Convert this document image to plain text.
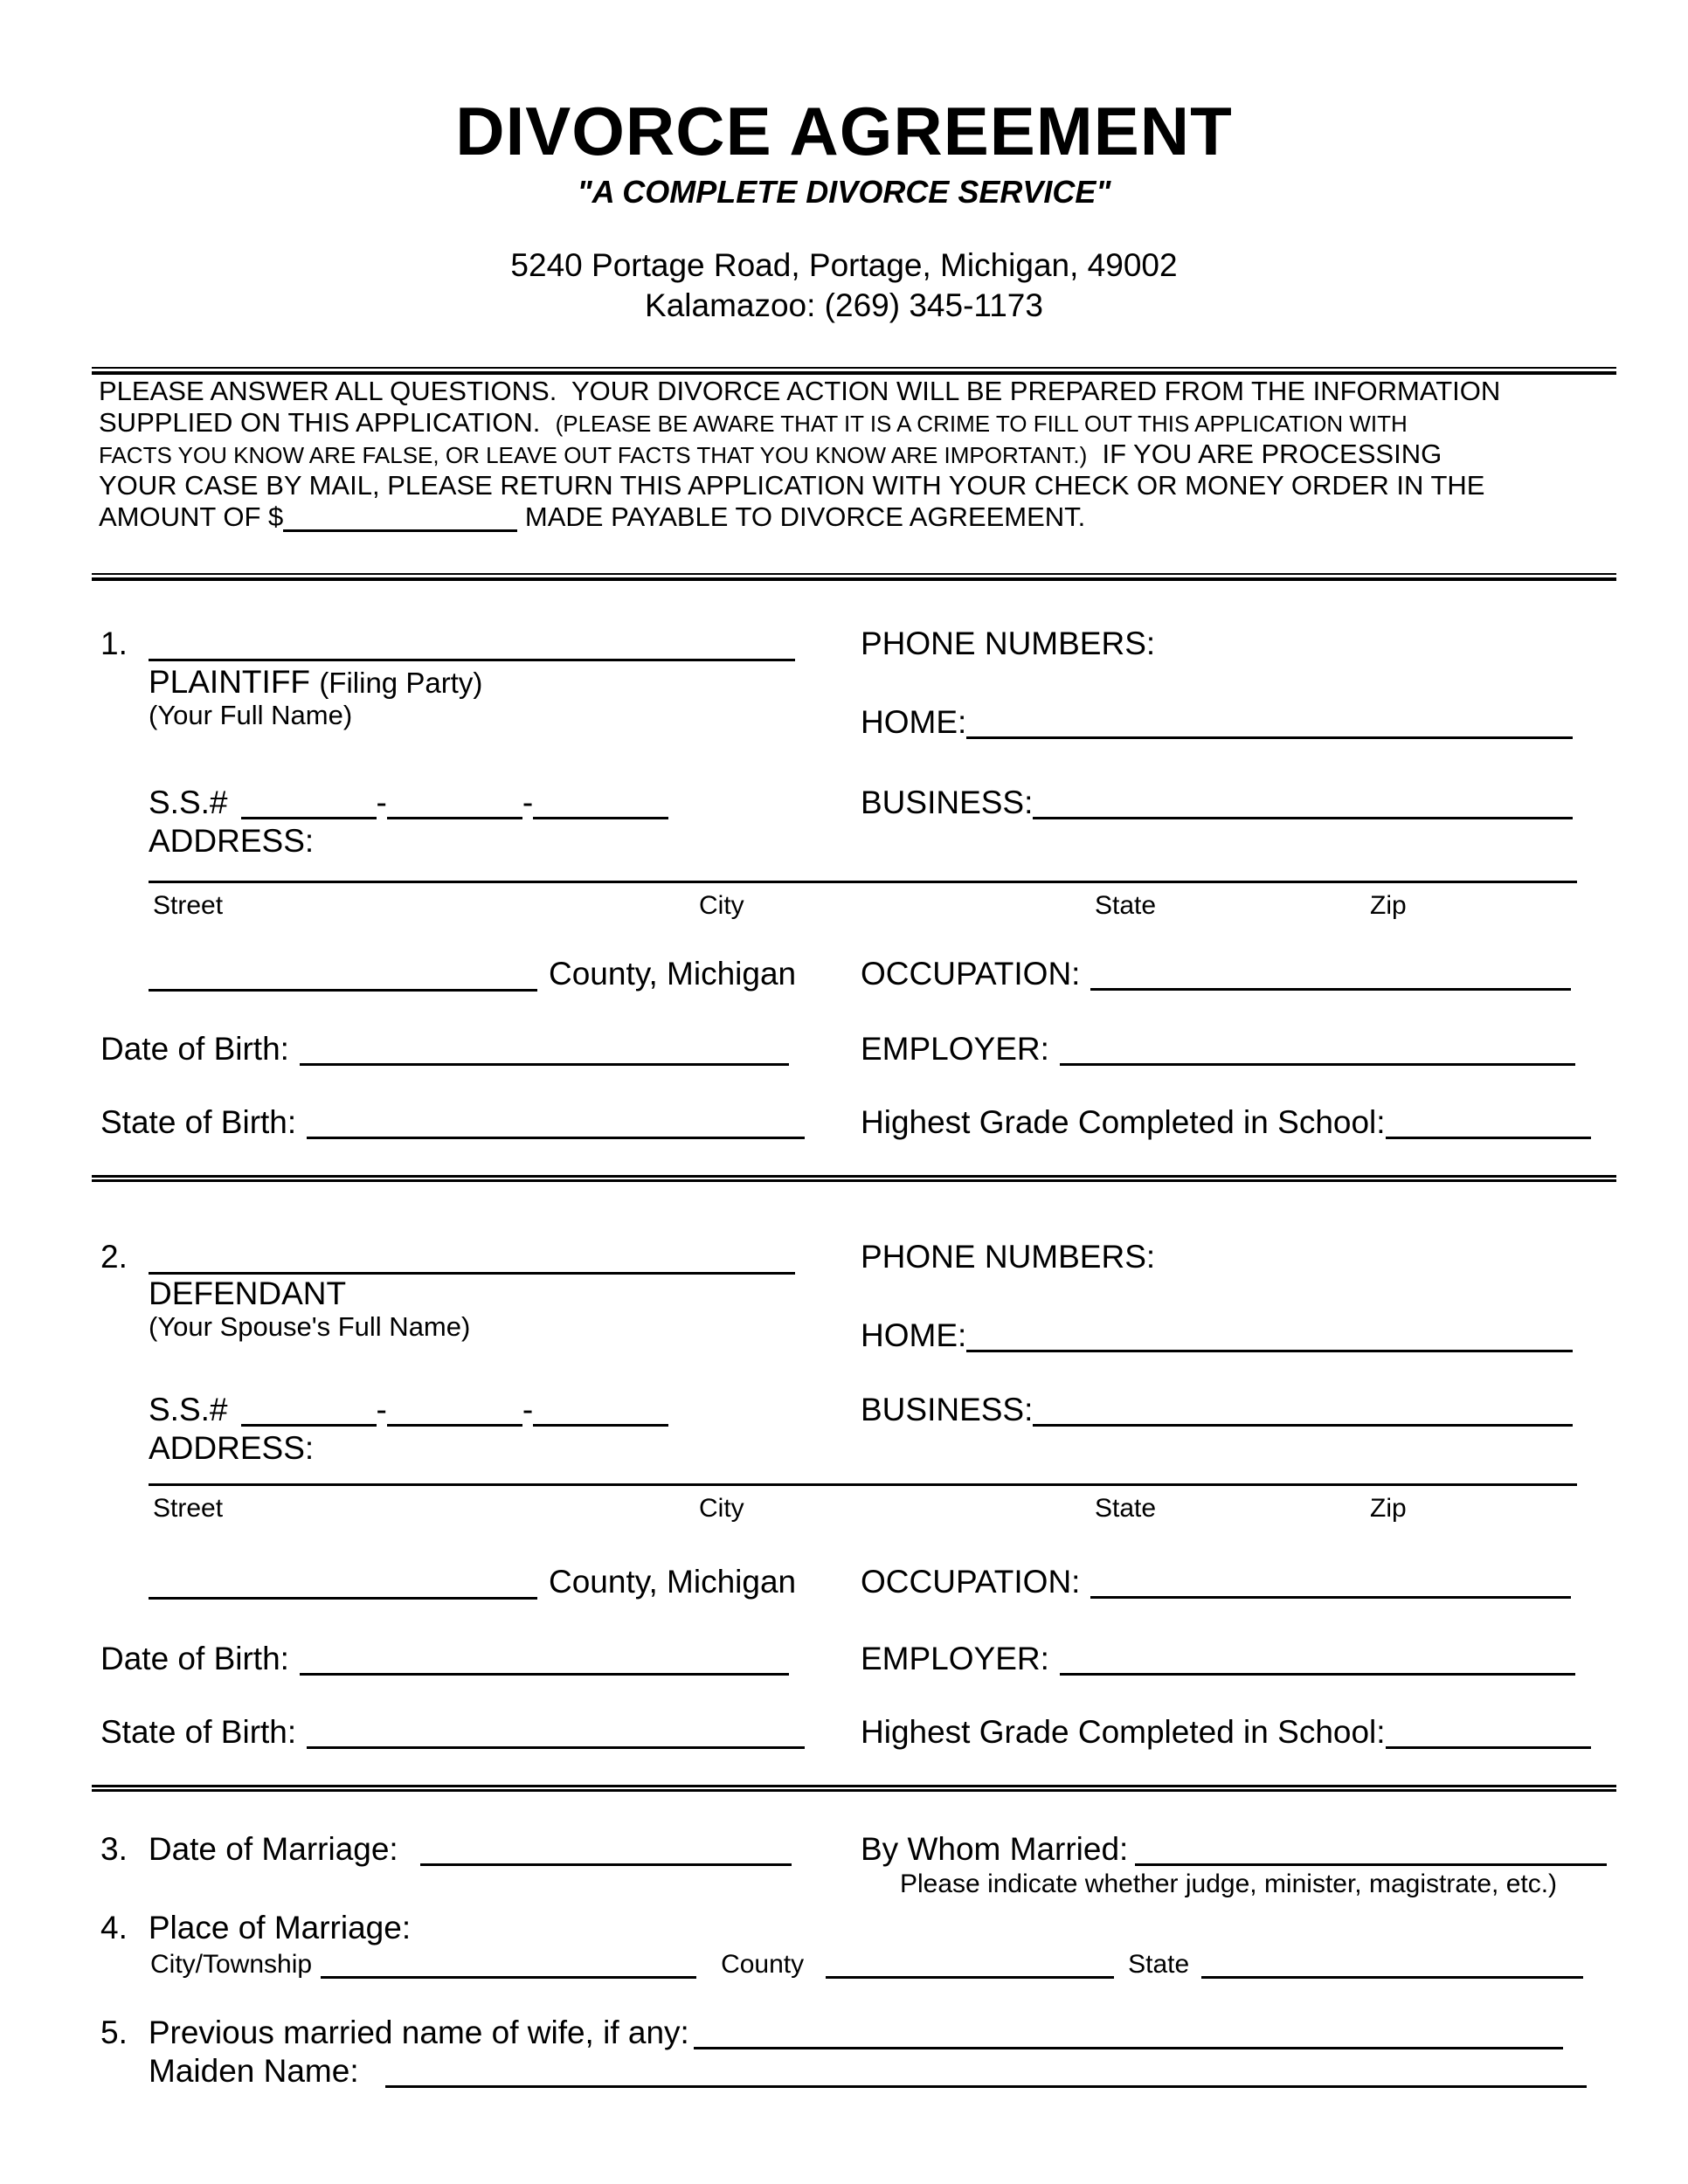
DIVORCE AGREEMENT
"A COMPLETE DIVORCE SERVICE"
5240 Portage Road, Portage, Michigan, 49002
Kalamazoo: (269) 345-1173
PLEASE ANSWER ALL QUESTIONS.  YOUR DIVORCE ACTION WILL BE PREPARED FROM THE INFORMATION
SUPPLIED ON THIS APPLICATION.  (PLEASE BE AWARE THAT IT IS A CRIME TO FILL OUT THIS APPLICATION WITH
FACTS YOU KNOW ARE FALSE, OR LEAVE OUT FACTS THAT YOU KNOW ARE IMPORTANT.)  IF YOU ARE PROCESSING
YOUR CASE BY MAIL, PLEASE RETURN THIS APPLICATION WITH YOUR CHECK OR MONEY ORDER IN THE
AMOUNT OF $	MADE PAYABLE TO DIVORCE AGREEMENT.
1.	PHONE NUMBERS:
PLAINTIFF (Filing Party)
(Your Full Name)	HOME:
S.S.#	-	-	BUSINESS:
ADDRESS:
Street	City	State	Zip
County, Michigan OCCUPATION:
Date of Birth:	EMPLOYER:
State of Birth:	Highest Grade Completed in School:
2.	PHONE NUMBERS:
DEFENDANT
(Your Spouse's Full Name)	HOME:
S.S.#	-	-	BUSINESS:
ADDRESS:
Street	City	State	Zip
County, Michigan OCCUPATION:
Date of Birth:	EMPLOYER:
State of Birth:	Highest Grade Completed in School:
3. Date of Marriage:	By Whom Married:
Please indicate whether judge, minister, magistrate, etc.)
4. Place of Marriage:
City/Township	County	State
5. Previous married name of wife, if any:
Maiden Name:
